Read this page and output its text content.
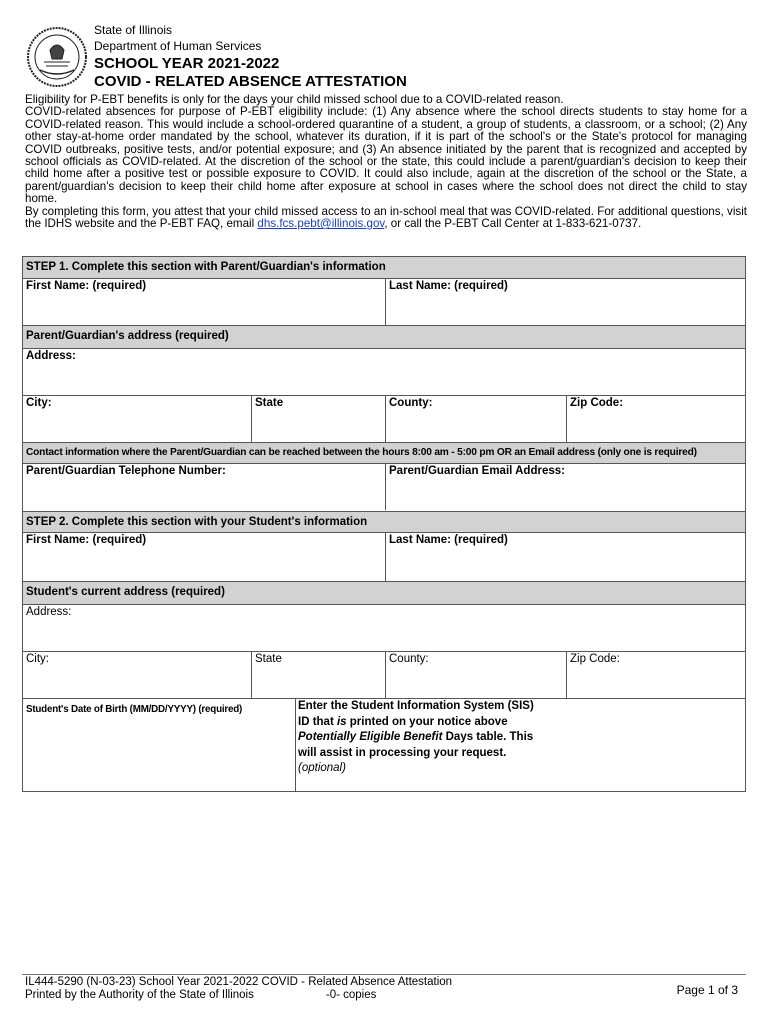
State of Illinois
Department of Human Services
SCHOOL YEAR 2021-2022
COVID - RELATED ABSENCE ATTESTATION

Eligibility for P-EBT benefits is only for the days your child missed school due to a COVID-related reason.

COVID-related absences for purpose of P-EBT eligibility include: (1) Any absence where the school directs students to stay home for a COVID-related reason. This would include a school-ordered quarantine of a student, a group of students, a classroom, or a school; (2) Any other stay-at-home order mandated by the school, whatever its duration, if it is part of the school's or the State's protocol for managing COVID outbreaks, positive tests, and/or potential exposure; and (3) An absence initiated by the parent that is recognized and accepted by school officials as COVID-related. At the discretion of the school or the state, this could include a parent/guardian's decision to keep their child home after a positive test or possible exposure to COVID. It could also include, again at the discretion of the school or the State, a parent/guardian's decision to keep their child home after exposure at school in cases where the school does not direct the child to stay home.

By completing this form, you attest that your child missed access to an in-school meal that was COVID-related. For additional questions, visit the IDHS website and the P-EBT FAQ, email dhs.fcs.pebt@illinois.gov, or call the P-EBT Call Center at 1-833-621-0737.

STEP 1. Complete this section with Parent/Guardian's information
First Name: (required)	Last Name: (required)
Parent/Guardian's address (required)
Address:
City:	State	County:	Zip Code:
Contact information where the Parent/Guardian can be reached between the hours 8:00 am - 5:00 pm OR an Email address (only one is required)
Parent/Guardian Telephone Number:	Parent/Guardian Email Address:
STEP 2. Complete this section with your Student's information
First Name: (required)	Last Name: (required)
Student's current address (required)
Address:
City:	State	County:	Zip Code:
Student's Date of Birth (MM/DD/YYYY) (required)	Enter the Student Information System (SIS) ID that is printed on your notice above Potentially Eligible Benefit Days table. This will assist in processing your request. (optional)
IL444-5290 (N-03-23) School Year 2021-2022 COVID - Related Absence Attestation
Printed by the Authority of the State of Illinois	-0- copies	Page 1 of 3
